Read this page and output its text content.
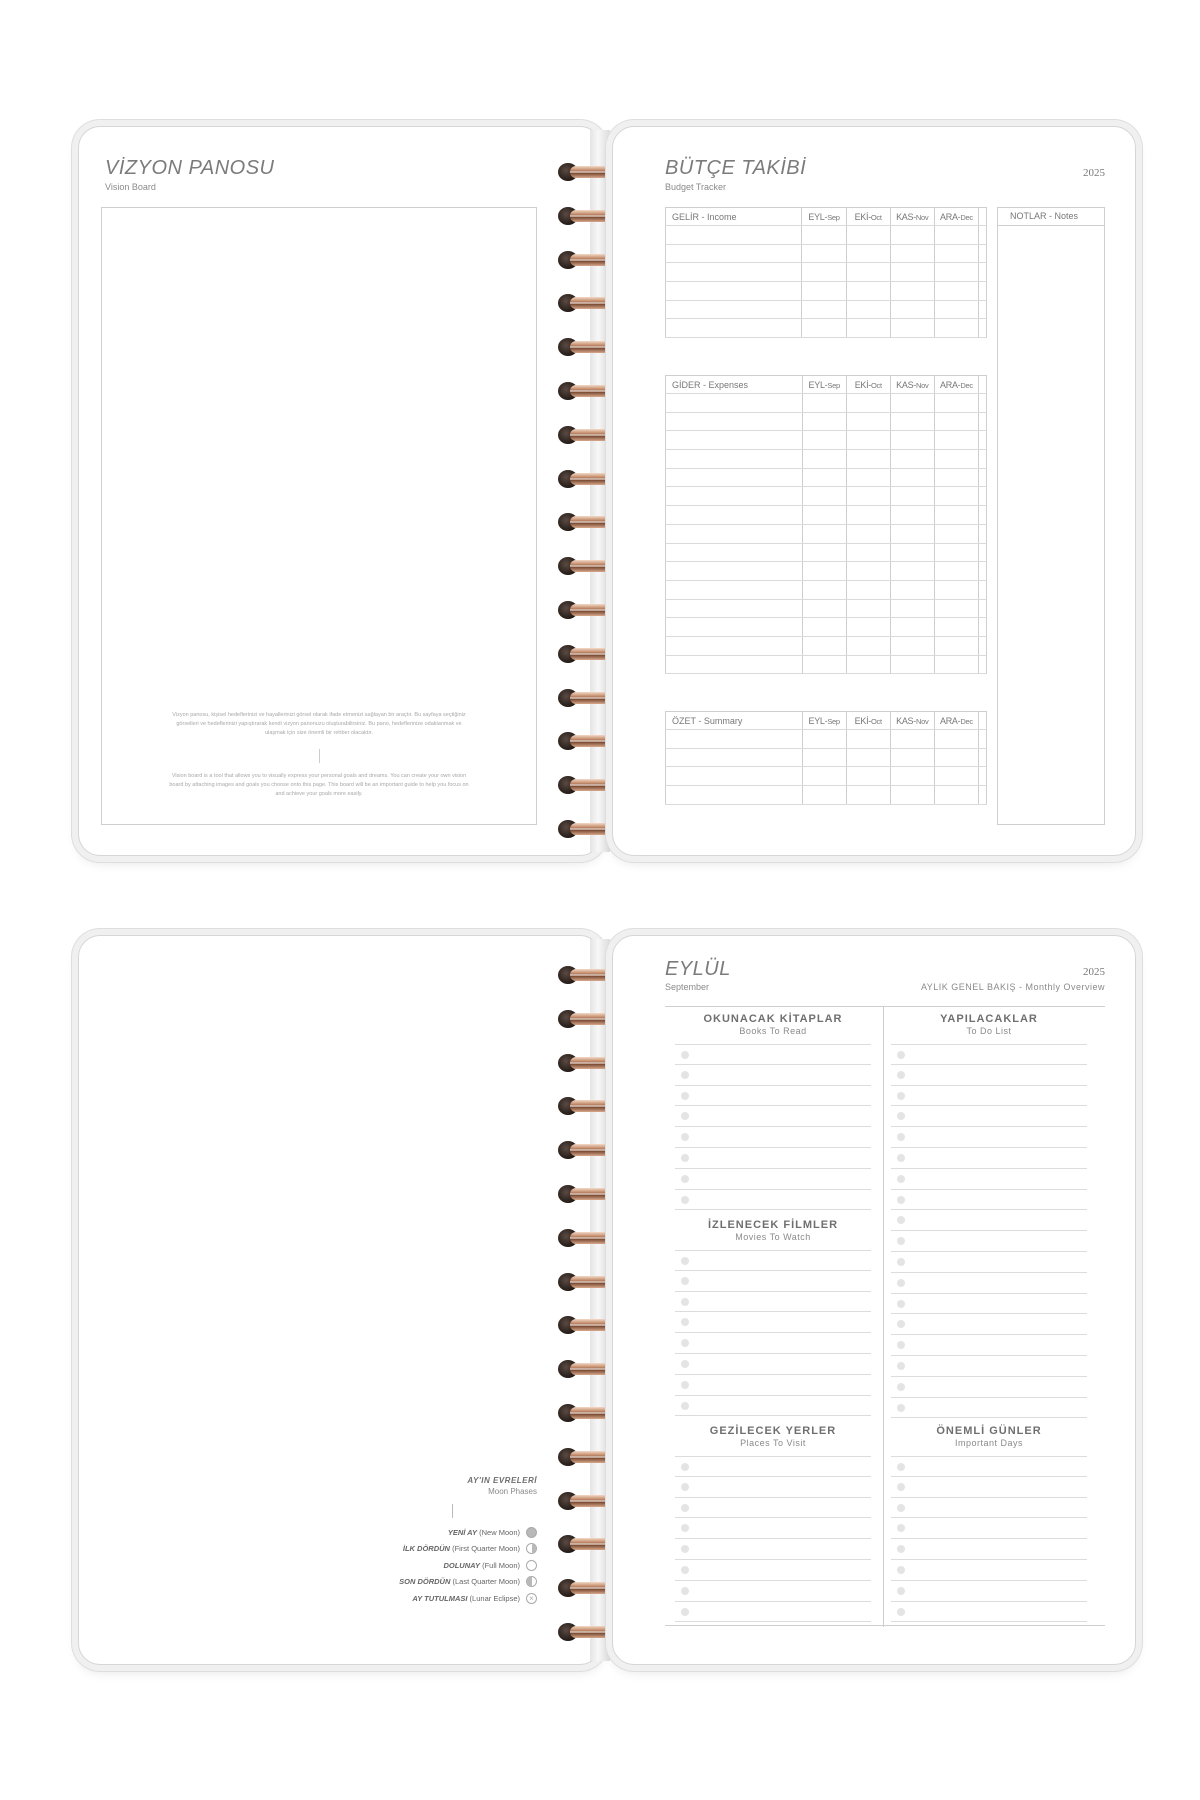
VİZYON PANOSU
Vision Board
Vizyon panosu, kişisel hedeflerinizi ve hayallerinizi görsel olarak ifade etmenizi sağlayan bir araçtır. Bu sayfaya seçtiğiniz görselleri ve hedeflerinizi yapıştırarak kendi vizyon panonuzu oluşturabilirsiniz. Bu pano, hedeflerinize odaklanmak ve ulaşmak için size önemli bir rehber olacaktır.
Vision board is a tool that allows you to visually express your personal goals and dreams. You can create your own vision board by attaching images and goals you choose onto this page. This board will be an important guide to help you focus on and achieve your goals more easily.
BÜTÇE TAKİBİ
Budget Tracker
2025
GELİR - Income	EYL-Sep	EKİ-Oct	KAS-Nov	ARA-Dec	

GİDER - Expenses	EYL-Sep	EKİ-Oct	KAS-Nov	ARA-Dec	

ÖZET - Summary	EYL-Sep	EKİ-Oct	KAS-Nov	ARA-Dec	

NOTLAR - Notes
AY'IN EVRELERİ
Moon Phases
YENİ AY (New Moon)
İLK DÖRDÜN (First Quarter Moon)
DOLUNAY (Full Moon)
SON DÖRDÜN (Last Quarter Moon)
AY TUTULMASI (Lunar Eclipse)	×
EYLÜL
September
2025
AYLIK GENEL BAKIŞ - Monthly Overview
OKUNACAK KİTAPLAR
Books To Read
YAPILACAKLAR
To Do List
İZLENECEK FİLMLER
Movies To Watch
GEZİLECEK YERLER
Places To Visit
ÖNEMLİ GÜNLER
Important Days
